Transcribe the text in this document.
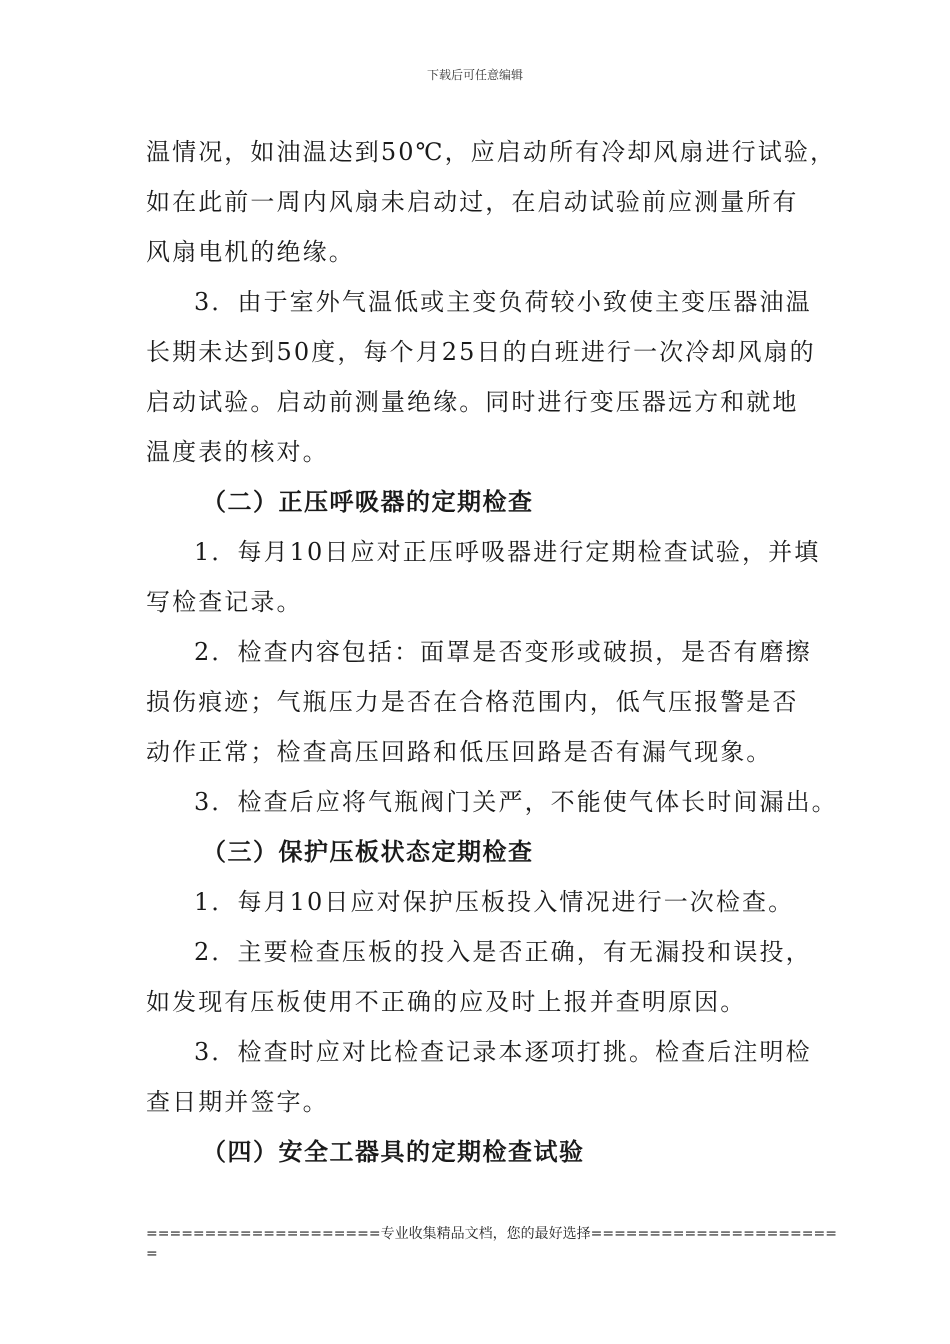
下载后可任意编辑
温情况，如油温达到50℃，应启动所有冷却风扇进行试验，
如在此前一周内风扇未启动过，在启动试验前应测量所有
风扇电机的绝缘。
3．由于室外气温低或主变负荷较小致使主变压器油温
长期未达到50度，每个月25日的白班进行一次冷却风扇的
启动试验。启动前测量绝缘。同时进行变压器远方和就地
温度表的核对。
（二）正压呼吸器的定期检查
1．每月10日应对正压呼吸器进行定期检查试验，并填
写检查记录。
2．检查内容包括：面罩是否变形或破损，是否有磨擦
损伤痕迹；气瓶压力是否在合格范围内，低气压报警是否
动作正常；检查高压回路和低压回路是否有漏气现象。
3．检查后应将气瓶阀门关严，不能使气体长时间漏出。
（三）保护压板状态定期检查
1．每月10日应对保护压板投入情况进行一次检查。
2．主要检查压板的投入是否正确，有无漏投和误投，
如发现有压板使用不正确的应及时上报并查明原因。
3．检查时应对比检查记录本逐项打挑。检查后注明检
查日期并签字。
（四）安全工器具的定期检查试验
====================专业收集精品文档，您的最好选择=====================
=
